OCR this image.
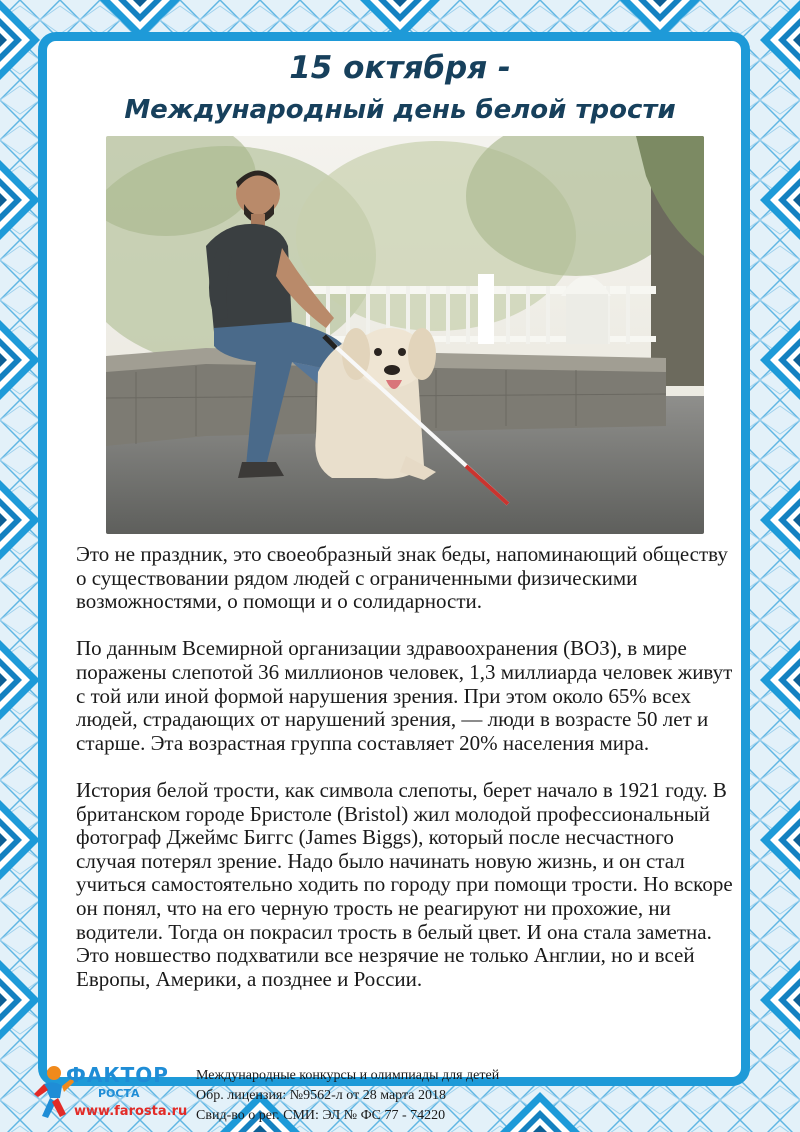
15 октября -
Международный день белой трости

Это не праздник, это своеобразный знак беды, напоминающий обществу о существовании рядом людей с ограниченными физическими возможностями, о помощи и о солидарности.

По данным Всемирной организации здравоохранения (ВОЗ), в мире поражены слепотой 36 миллионов человек, 1,3 миллиарда человек живут с той или иной формой нарушения зрения. При этом около 65% всех людей, страдающих от нарушений зрения, — люди в возрасте 50 лет и старше. Эта возрастная группа составляет 20% населения мира.

История белой трости, как символа слепоты, берет начало в 1921 году. В британском городе Бристоле (Bristol) жил молодой профессиональный фотограф Джеймс Биггс (James Biggs), который после несчастного случая потерял зрение. Надо было начинать новую жизнь, и он стал учиться самостоятельно ходить по городу при помощи трости. Но вскоре он понял, что на его черную трость не реагируют ни прохожие, ни водители. Тогда он покрасил трость в белый цвет. И она стала заметна. Это новшество подхватили все незрячие не только Англии, но и всей Европы, Америки, а позднее и России.

ФАКТОР
РОСТА
www.farosta.ru
Международные конкурсы и олимпиады для детей
Обр. лицензия: №9562-л от 28 марта 2018
Свид-во о рег. СМИ: ЭЛ № ФС 77 - 74220
